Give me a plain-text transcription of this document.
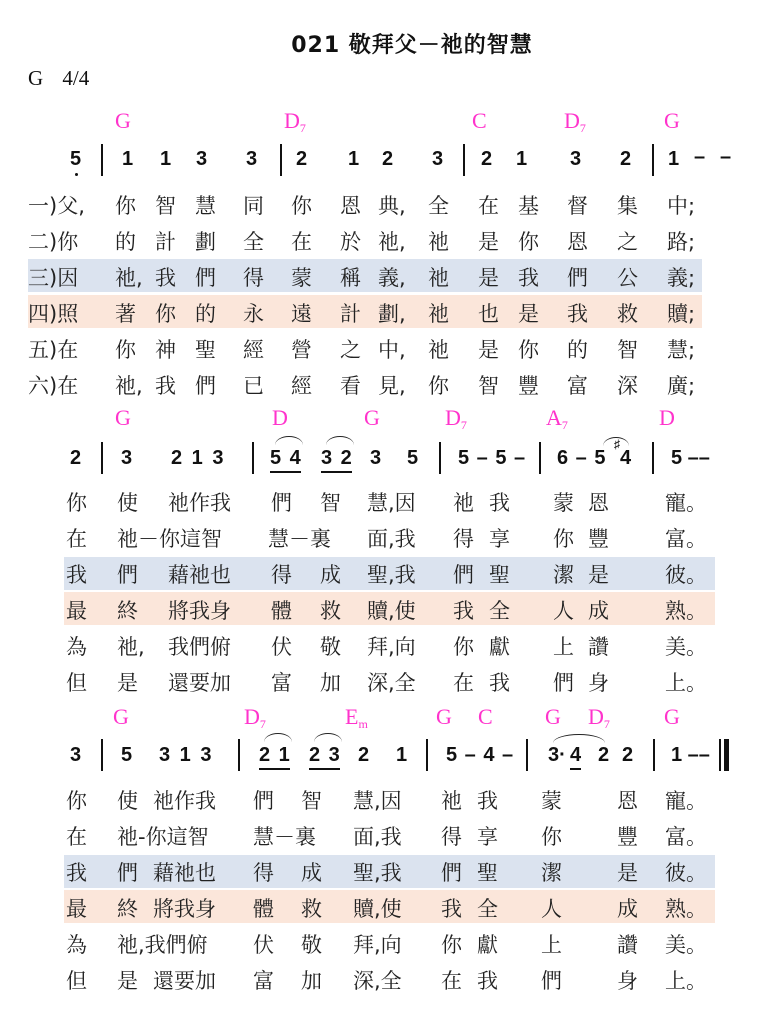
021 敬拜父－祂的智慧
G 4/4
G	$D_7$	C	$D_7$	G
5 1 1 3 3 2 1 2 3 2 1 3 2 1 – –
一)父, 你 智 慧 同 你 恩 典, 全 在 基 督 集 中;
二)你 的 計 劃 全 在 於 祂, 祂 是 你 恩 之 路;
三)因 祂, 我 們 得 蒙 稱 義, 祂 是 我 們 公 義;
四)照 著 你 的 永 遠 計 劃, 祂 也 是 我 救 贖;
五)在 你 神 聖 經 營 之 中, 祂 是 你 的 智 慧;
六)在 祂, 我 們 已 經 看 見, 你 智 豐 富 深 廣;
G	D	G	$D_7$	$A_7$	D
2 3 2 1 3 5 4 3 2 3 5 5 – 5 – 6 – 5
♯
4 5 ––
你 使 祂作我 們 智 慧,因 祂 我 蒙 恩	寵。
在 祂－你這智 慧－裏 面,我 得 享 你 豐	富。
我 們 藉祂也 得 成 聖,我 們 聖 潔 是	彼。
最 終 將我身 體 救 贖,使 我 全 人 成	熟。
為 祂, 我們俯 伏 敬 拜,向 你 獻 上 讚	美。
但 是 還要加 富 加 深,全 在 我 們 身	上。
G	$D_7$	$E_m$	G C G $D_7$ G
3 5 3 1 3 2 1 2 3 2 1 5 – 4 – 3· 4 2 2 1 ––
你 使 祂作我 們 智 慧,因 祂 我 蒙	恩 寵。
在 祂-你這智 慧－裏 面,我 得 享 你	豐 富。
我 們 藉祂也 得 成 聖,我 們 聖 潔	是 彼。
最 終 將我身 體 救 贖,使 我 全 人	成 熟。
為 祂,我們俯 伏 敬 拜,向 你 獻 上	讚 美。
但 是 還要加 富 加 深,全 在 我 們	身 上。
